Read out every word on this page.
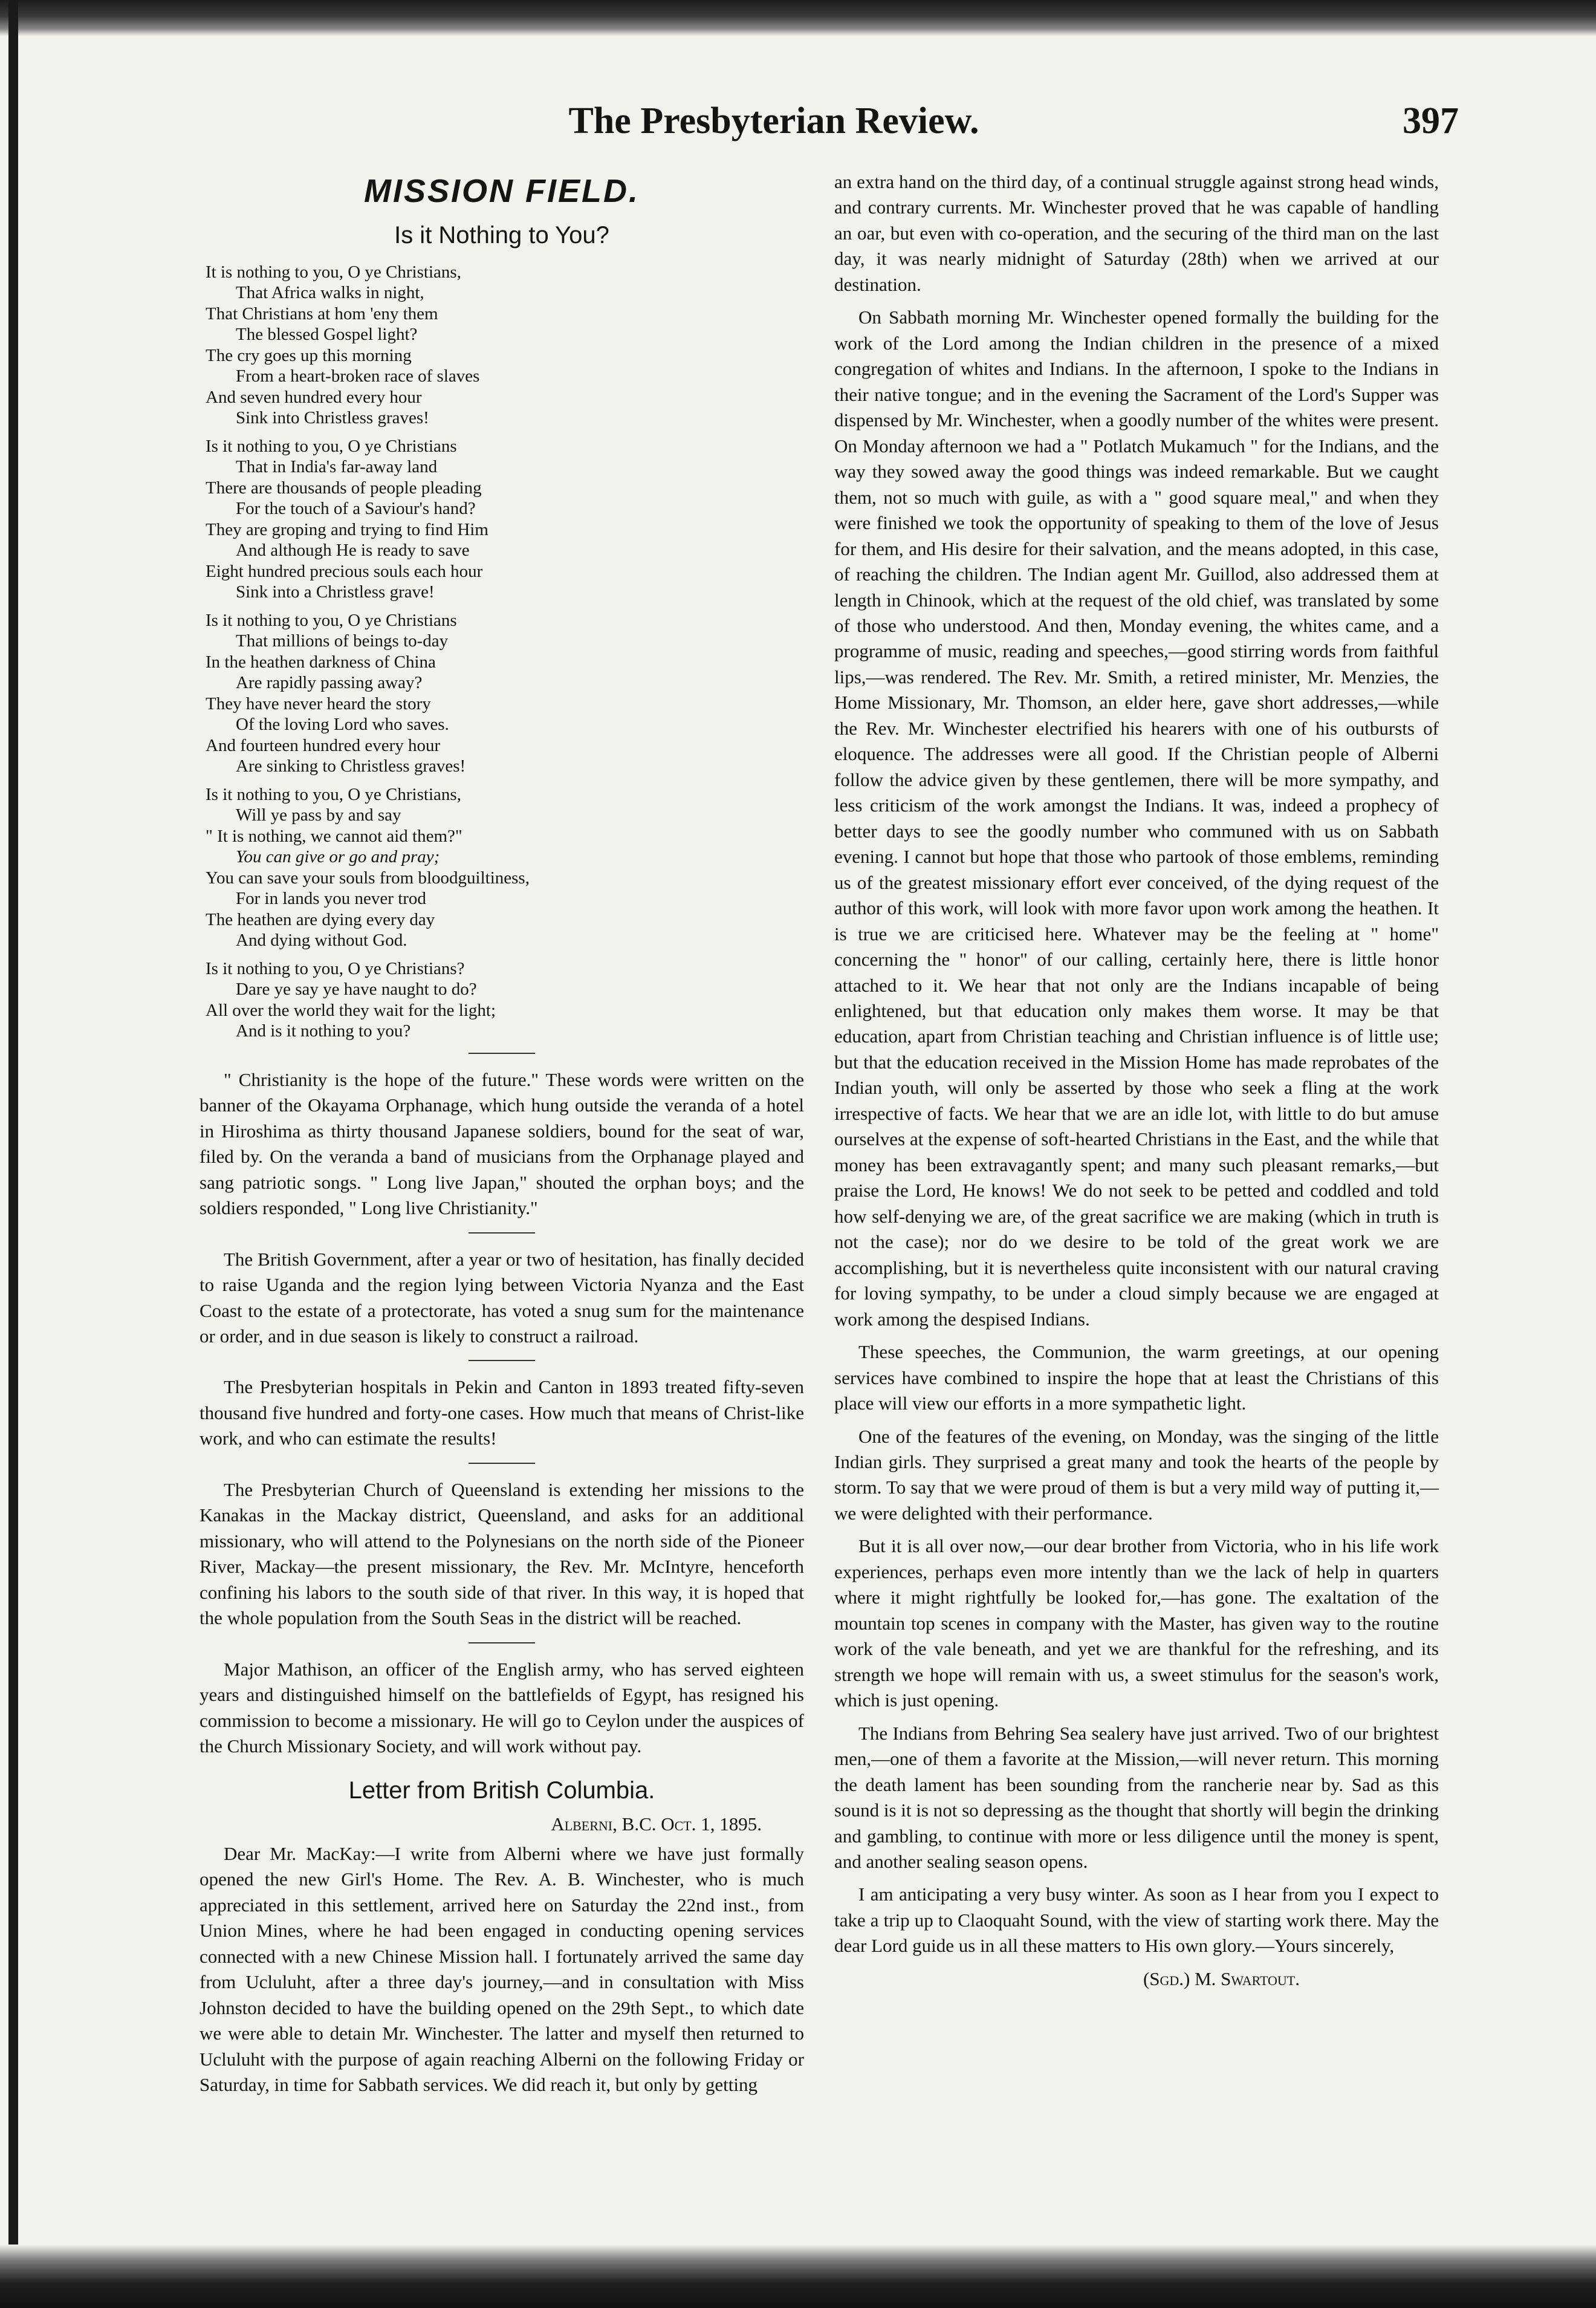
The Presbyterian Review.	397
MISSION FIELD.
Is it Nothing to You?
It is nothing to you, O ye Christians,
That Africa walks in night,
That Christians at hom 'eny them
The blessed Gospel light?
The cry goes up this morning
From a heart-broken race of slaves
And seven hundred every hour
Sink into Christless graves!
Is it nothing to you, O ye Christians
That in India's far-away land
There are thousands of people pleading
For the touch of a Saviour's hand?
They are groping and trying to find Him
And although He is ready to save
Eight hundred precious souls each hour
Sink into a Christless grave!
Is it nothing to you, O ye Christians
That millions of beings to-day
In the heathen darkness of China
Are rapidly passing away?
They have never heard the story
Of the loving Lord who saves.
And fourteen hundred every hour
Are sinking to Christless graves!
Is it nothing to you, O ye Christians,
Will ye pass by and say
" It is nothing, we cannot aid them?"
You can give or go and pray;
You can save your souls from bloodguiltiness,
For in lands you never trod
The heathen are dying every day
And dying without God.
Is it nothing to you, O ye Christians?
Dare ye say ye have naught to do?
All over the world they wait for the light;
And is it nothing to you?

" Christianity is the hope of the future." These words were written on the banner of the Okayama Orphanage, which hung outside the veranda of a hotel in Hiroshima as thirty thousand Japanese soldiers, bound for the seat of war, filed by. On the veranda a band of musicians from the Orphanage played and sang patriotic songs. " Long live Japan," shouted the orphan boys; and the soldiers responded, " Long live Christianity."

The British Government, after a year or two of hesitation, has finally decided to raise Uganda and the region lying between Victoria Nyanza and the East Coast to the estate of a protectorate, has voted a snug sum for the maintenance or order, and in due season is likely to construct a railroad.

The Presbyterian hospitals in Pekin and Canton in 1893 treated fifty-seven thousand five hundred and forty-one cases. How much that means of Christ-like work, and who can estimate the results!

The Presbyterian Church of Queensland is extending her missions to the Kanakas in the Mackay district, Queensland, and asks for an additional missionary, who will attend to the Polynesians on the north side of the Pioneer River, Mackay—the present missionary, the Rev. Mr. McIntyre, henceforth confining his labors to the south side of that river. In this way, it is hoped that the whole population from the South Seas in the district will be reached.

Major Mathison, an officer of the English army, who has served eighteen years and distinguished himself on the battlefields of Egypt, has resigned his commission to become a missionary. He will go to Ceylon under the auspices of the Church Missionary Society, and will work without pay.

Letter from British Columbia.
Alberni, B.C. Oct. 1, 1895.

Dear Mr. MacKay:—I write from Alberni where we have just formally opened the new Girl's Home. The Rev. A. B. Winchester, who is much appreciated in this settlement, arrived here on Saturday the 22nd inst., from Union Mines, where he had been engaged in conducting opening services connected with a new Chinese Mission hall. I fortunately arrived the same day from Ucluluht, after a three day's journey,—and in consultation with Miss Johnston decided to have the building opened on the 29th Sept., to which date we were able to detain Mr. Winchester. The latter and myself then returned to Ucluluht with the purpose of again reaching Alberni on the following Friday or Saturday, in time for Sabbath services. We did reach it, but only by getting

an extra hand on the third day, of a continual struggle against strong head winds, and contrary currents. Mr. Winchester proved that he was capable of handling an oar, but even with co-operation, and the securing of the third man on the last day, it was nearly midnight of Saturday (28th) when we arrived at our destination.

On Sabbath morning Mr. Winchester opened formally the building for the work of the Lord among the Indian children in the presence of a mixed congregation of whites and Indians. In the afternoon, I spoke to the Indians in their native tongue; and in the evening the Sacrament of the Lord's Supper was dispensed by Mr. Winchester, when a goodly number of the whites were present. On Monday afternoon we had a " Potlatch Mukamuch " for the Indians, and the way they sowed away the good things was indeed remarkable. But we caught them, not so much with guile, as with a " good square meal," and when they were finished we took the opportunity of speaking to them of the love of Jesus for them, and His desire for their salvation, and the means adopted, in this case, of reaching the children. The Indian agent Mr. Guillod, also addressed them at length in Chinook, which at the request of the old chief, was translated by some of those who understood. And then, Monday evening, the whites came, and a programme of music, reading and speeches,—good stirring words from faithful lips,—was rendered. The Rev. Mr. Smith, a retired minister, Mr. Menzies, the Home Missionary, Mr. Thomson, an elder here, gave short addresses,—while the Rev. Mr. Winchester electrified his hearers with one of his outbursts of eloquence. The addresses were all good. If the Christian people of Alberni follow the advice given by these gentlemen, there will be more sympathy, and less criticism of the work amongst the Indians. It was, indeed a prophecy of better days to see the goodly number who communed with us on Sabbath evening. I cannot but hope that those who partook of those emblems, reminding us of the greatest missionary effort ever conceived, of the dying request of the author of this work, will look with more favor upon work among the heathen. It is true we are criticised here. Whatever may be the feeling at " home" concerning the " honor" of our calling, certainly here, there is little honor attached to it. We hear that not only are the Indians incapable of being enlightened, but that education only makes them worse. It may be that education, apart from Christian teaching and Christian influence is of little use; but that the education received in the Mission Home has made reprobates of the Indian youth, will only be asserted by those who seek a fling at the work irrespective of facts. We hear that we are an idle lot, with little to do but amuse ourselves at the expense of soft-hearted Christians in the East, and the while that money has been extravagantly spent; and many such pleasant remarks,—but praise the Lord, He knows! We do not seek to be petted and coddled and told how self-denying we are, of the great sacrifice we are making (which in truth is not the case); nor do we desire to be told of the great work we are accomplishing, but it is nevertheless quite inconsistent with our natural craving for loving sympathy, to be under a cloud simply because we are engaged at work among the despised Indians.

These speeches, the Communion, the warm greetings, at our opening services have combined to inspire the hope that at least the Christians of this place will view our efforts in a more sympathetic light.

One of the features of the evening, on Monday, was the singing of the little Indian girls. They surprised a great many and took the hearts of the people by storm. To say that we were proud of them is but a very mild way of putting it,—we were delighted with their performance.

But it is all over now,—our dear brother from Victoria, who in his life work experiences, perhaps even more intently than we the lack of help in quarters where it might rightfully be looked for,—has gone. The exaltation of the mountain top scenes in company with the Master, has given way to the routine work of the vale beneath, and yet we are thankful for the refreshing, and its strength we hope will remain with us, a sweet stimulus for the season's work, which is just opening.

The Indians from Behring Sea sealery have just arrived. Two of our brightest men,—one of them a favorite at the Mission,—will never return. This morning the death lament has been sounding from the rancherie near by. Sad as this sound is it is not so depressing as the thought that shortly will begin the drinking and gambling, to continue with more or less diligence until the money is spent, and another sealing season opens.

I am anticipating a very busy winter. As soon as I hear from you I expect to take a trip up to Claoquaht Sound, with the view of starting work there. May the dear Lord guide us in all these matters to His own glory.—Yours sincerely,

(Sgd.) M. Swartout.
